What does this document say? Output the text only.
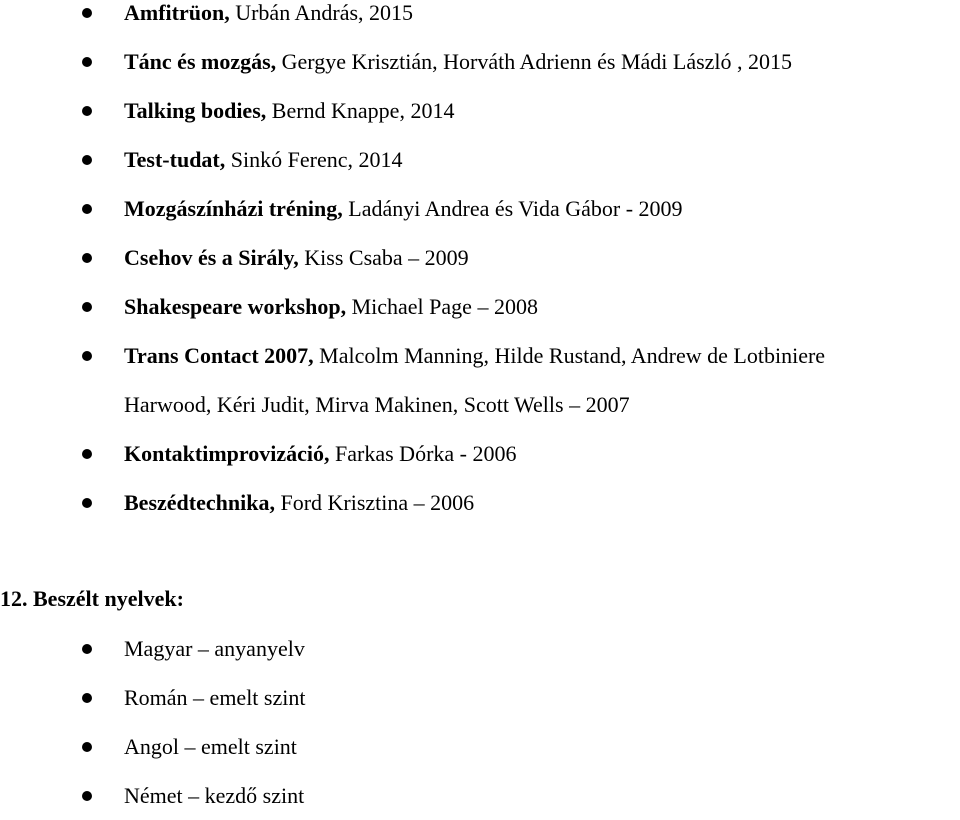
Amfitrüon, Urbán András, 2015
Tánc és mozgás, Gergye Krisztián, Horváth Adrienn és Mádi László , 2015
Talking bodies, Bernd Knappe, 2014
Test-tudat, Sinkó Ferenc, 2014
Mozgászínházi tréning, Ladányi Andrea és Vida Gábor - 2009
Csehov és a Sirály, Kiss Csaba – 2009
Shakespeare workshop, Michael Page – 2008
Trans Contact 2007, Malcolm Manning, Hilde Rustand, Andrew de Lotbiniere Harwood, Kéri Judit, Mirva Makinen, Scott Wells – 2007
Kontaktimprovizáció, Farkas Dórka - 2006
Beszédtechnika, Ford Krisztina – 2006
12. Beszélt nyelvek:
Magyar – anyanyelv
Román – emelt szint
Angol – emelt szint
Német – kezdő szint
